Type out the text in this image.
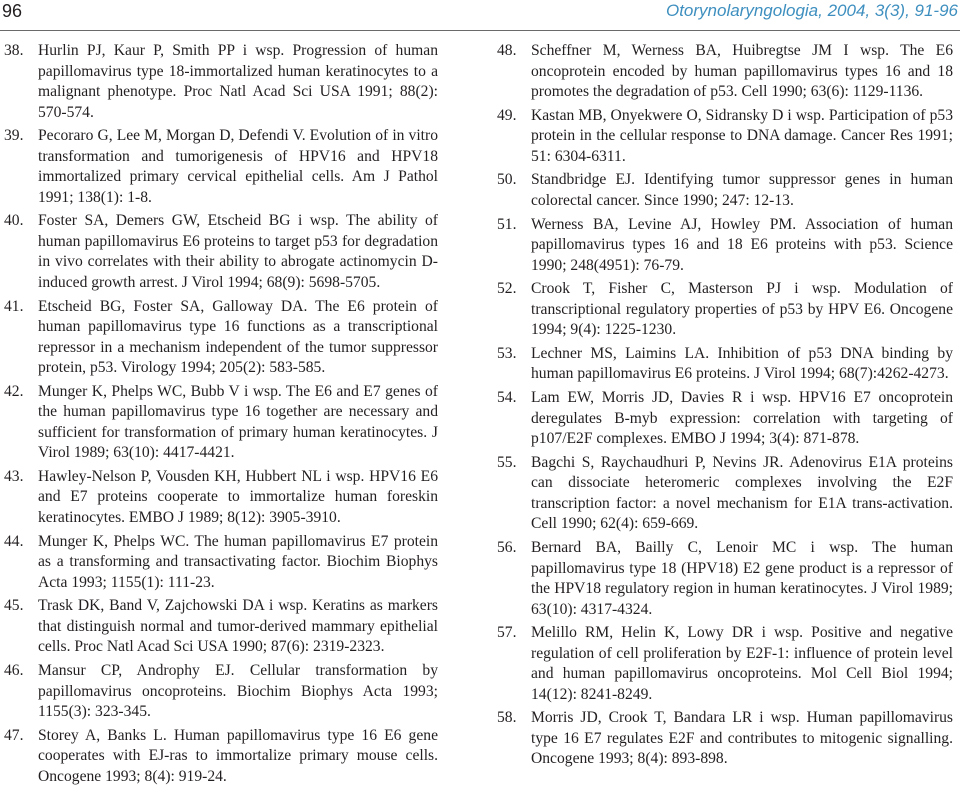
96	Otorynolaryngologia, 2004, 3(3), 91-96
38. Hurlin PJ, Kaur P, Smith PP i wsp. Progression of human papillomavirus type 18-immortalized human keratinocytes to a malignant phenotype. Proc Natl Acad Sci USA 1991; 88(2): 570-574.
39. Pecoraro G, Lee M, Morgan D, Defendi V. Evolution of in vitro transformation and tumorigenesis of HPV16 and HPV18 immortalized primary cervical epithelial cells. Am J Pathol 1991; 138(1): 1-8.
40. Foster SA, Demers GW, Etscheid BG i wsp. The ability of human papillomavirus E6 proteins to target p53 for degradation in vivo correlates with their ability to abrogate actinomycin D-induced growth arrest. J Virol 1994; 68(9): 5698-5705.
41. Etscheid BG, Foster SA, Galloway DA. The E6 protein of human papillomavirus type 16 functions as a transcriptional repressor in a mechanism independent of the tumor suppressor protein, p53. Virology 1994; 205(2): 583-585.
42. Munger K, Phelps WC, Bubb V i wsp. The E6 and E7 genes of the human papillomavirus type 16 together are necessary and sufficient for transformation of primary human keratinocytes. J Virol 1989; 63(10): 4417-4421.
43. Hawley-Nelson P, Vousden KH, Hubbert NL i wsp. HPV16 E6 and E7 proteins cooperate to immortalize human foreskin keratinocytes. EMBO J 1989; 8(12): 3905-3910.
44. Munger K, Phelps WC. The human papillomavirus E7 protein as a transforming and transactivating factor. Biochim Biophys Acta 1993; 1155(1): 111-23.
45. Trask DK, Band V, Zajchowski DA i wsp. Keratins as markers that distinguish normal and tumor-derived mammary epithelial cells. Proc Natl Acad Sci USA 1990; 87(6): 2319-2323.
46. Mansur CP, Androphy EJ. Cellular transformation by papillomavirus oncoproteins. Biochim Biophys Acta 1993; 1155(3): 323-345.
47. Storey A, Banks L. Human papillomavirus type 16 E6 gene cooperates with EJ-ras to immortalize primary mouse cells. Oncogene 1993; 8(4): 919-24.
48. Scheffner M, Werness BA, Huibregtse JM I wsp. The E6 oncoprotein encoded by human papillomavirus types 16 and 18 promotes the degradation of p53. Cell 1990; 63(6): 1129-1136.
49. Kastan MB, Onyekwere O, Sidransky D i wsp. Participation of p53 protein in the cellular response to DNA damage. Cancer Res 1991; 51: 6304-6311.
50. Standbridge EJ. Identifying tumor suppressor genes in human colorectal cancer. Since 1990; 247: 12-13.
51. Werness BA, Levine AJ, Howley PM. Association of human papillomavirus types 16 and 18 E6 proteins with p53. Science 1990; 248(4951): 76-79.
52. Crook T, Fisher C, Masterson PJ i wsp. Modulation of transcriptional regulatory properties of p53 by HPV E6. Oncogene 1994; 9(4): 1225-1230.
53. Lechner MS, Laimins LA. Inhibition of p53 DNA binding by human papillomavirus E6 proteins. J Virol 1994; 68(7):4262-4273.
54. Lam EW, Morris JD, Davies R i wsp. HPV16 E7 oncoprotein deregulates B-myb expression: correlation with targeting of p107/E2F complexes. EMBO J 1994; 3(4): 871-878.
55. Bagchi S, Raychaudhuri P, Nevins JR. Adenovirus E1A proteins can dissociate heteromeric complexes involving the E2F transcription factor: a novel mechanism for E1A trans-activation. Cell 1990; 62(4): 659-669.
56. Bernard BA, Bailly C, Lenoir MC i wsp. The human papillomavirus type 18 (HPV18) E2 gene product is a repressor of the HPV18 regulatory region in human keratinocytes. J Virol 1989; 63(10): 4317-4324.
57. Melillo RM, Helin K, Lowy DR i wsp. Positive and negative regulation of cell proliferation by E2F-1: influence of protein level and human papillomavirus oncoproteins. Mol Cell Biol 1994; 14(12): 8241-8249.
58. Morris JD, Crook T, Bandara LR i wsp. Human papillomavirus type 16 E7 regulates E2F and contributes to mitogenic signalling. Oncogene 1993; 8(4): 893-898.
